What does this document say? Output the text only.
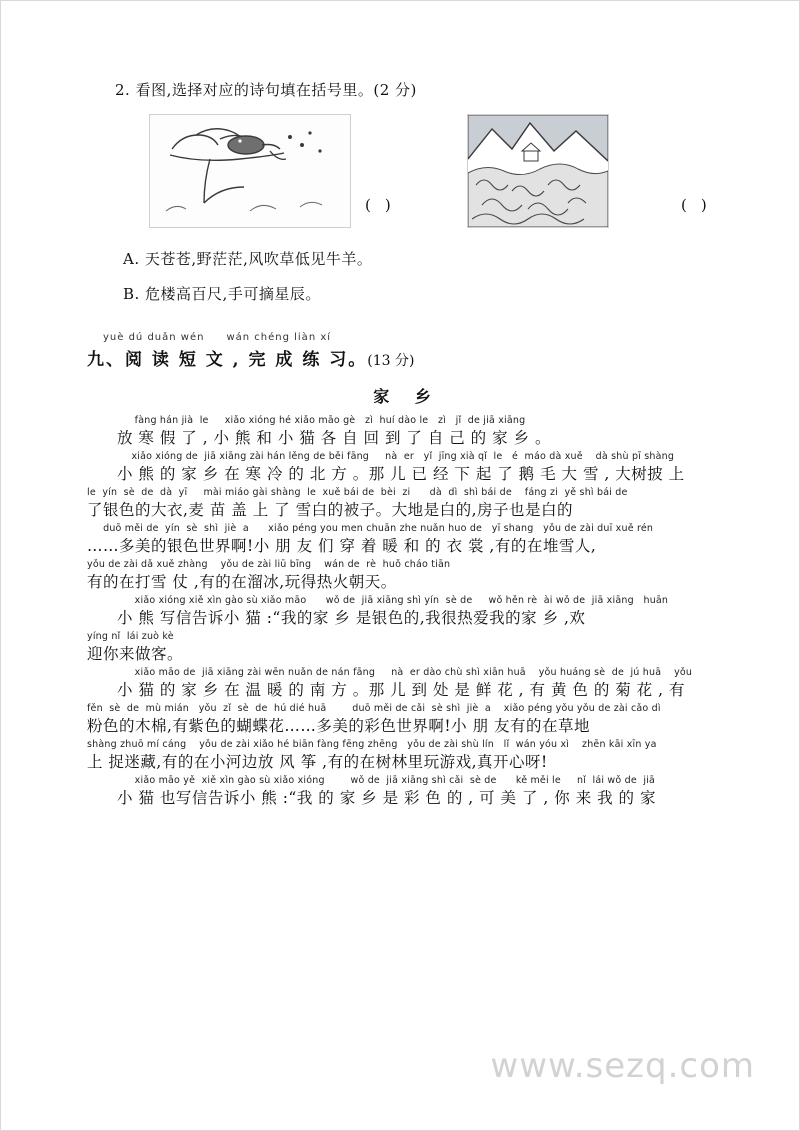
2. 看图,选择对应的诗句填在括号里。(2 分)
()	()
A. 天苍苍,野茫茫,风吹草低见牛羊。
B. 危楼高百尺,手可摘星辰。
yuè dú duǎn wén wán chéng liàn xí
九、阅 读 短 文 , 完 成 练 习。(13 分)
家 乡
fàng hán jià  le     xiǎo xióng hé xiǎo māo gè   zì  huí dào le   zì   jǐ  de jiā xiāng
放 寒 假 了 , 小 熊 和 小 猫 各 自 回 到 了 自 己 的 家 乡 。
xiǎo xióng de  jiā xiāng zài hán lěng de běi fāng     nà  er   yǐ  jīng xià qǐ  le   é  máo dà xuě    dà shù pī shàng
小 熊 的 家 乡 在 寒 冷 的 北 方 。那 儿 已 经 下 起 了 鹅 毛 大 雪 , 大树披 上
le  yín  sè  de  dà  yī     mài miáo gài shàng  le  xuě bái de  bèi  zi      dà  dì  shì bái de    fáng zi  yě shì bái de
了银色的大衣,麦 苗 盖 上 了 雪白的被子。大地是白的,房子也是白的
duō měi de  yín  sè  shì  jiè  a      xiǎo péng you men chuān zhe nuǎn huo de   yī shang   yǒu de zài duī xuě rén
……多美的银色世界啊!小 朋 友 们 穿 着 暖 和 的 衣 裳 ,有的在堆雪人,
yǒu de zài dǎ xuě zhàng    yǒu de zài liū bīng    wán de  rè  huǒ cháo tiān
有的在打雪 仗 ,有的在溜冰,玩得热火朝天。
xiǎo xióng xiě xìn gào sù xiǎo māo      wǒ de  jiā xiāng shì yín  sè de     wǒ hěn rè  ài wǒ de  jiā xiāng   huān
小 熊 写信告诉小 猫 :“我的家 乡 是银色的,我很热爱我的家 乡 ,欢
yíng nǐ  lái zuò kè
迎你来做客。
xiǎo māo de  jiā xiāng zài wēn nuǎn de nán fāng     nà  er dào chù shì xiān huā    yǒu huáng sè  de  jú huā    yǒu
小 猫 的 家 乡 在 温 暖 的 南 方 。那 儿 到 处 是 鲜 花 , 有 黄 色 的 菊 花 , 有
fěn  sè  de  mù mián   yǒu  zǐ  sè  de  hú dié huā        duō měi de cǎi  sè shì  jiè  a    xiǎo péng yǒu yǒu de zài cǎo dì
粉色的木棉,有紫色的蝴蝶花……多美的彩色世界啊!小 朋 友有的在草地
shàng zhuō mí cáng    yǒu de zài xiǎo hé biān fàng fēng zhēng   yǒu de zài shù lín   lǐ  wán yóu xì    zhēn kāi xīn ya
上 捉迷藏,有的在小河边放 风 筝 ,有的在树林里玩游戏,真开心呀!
xiǎo māo yě  xiě xìn gào sù xiǎo xióng        wǒ de  jiā xiāng shì cǎi  sè de      kě měi le     nǐ  lái wǒ de  jiā
小 猫 也写信告诉小 熊 :“我 的 家 乡 是 彩 色 的 , 可 美 了 , 你 来 我 的 家
www.sezq.com
